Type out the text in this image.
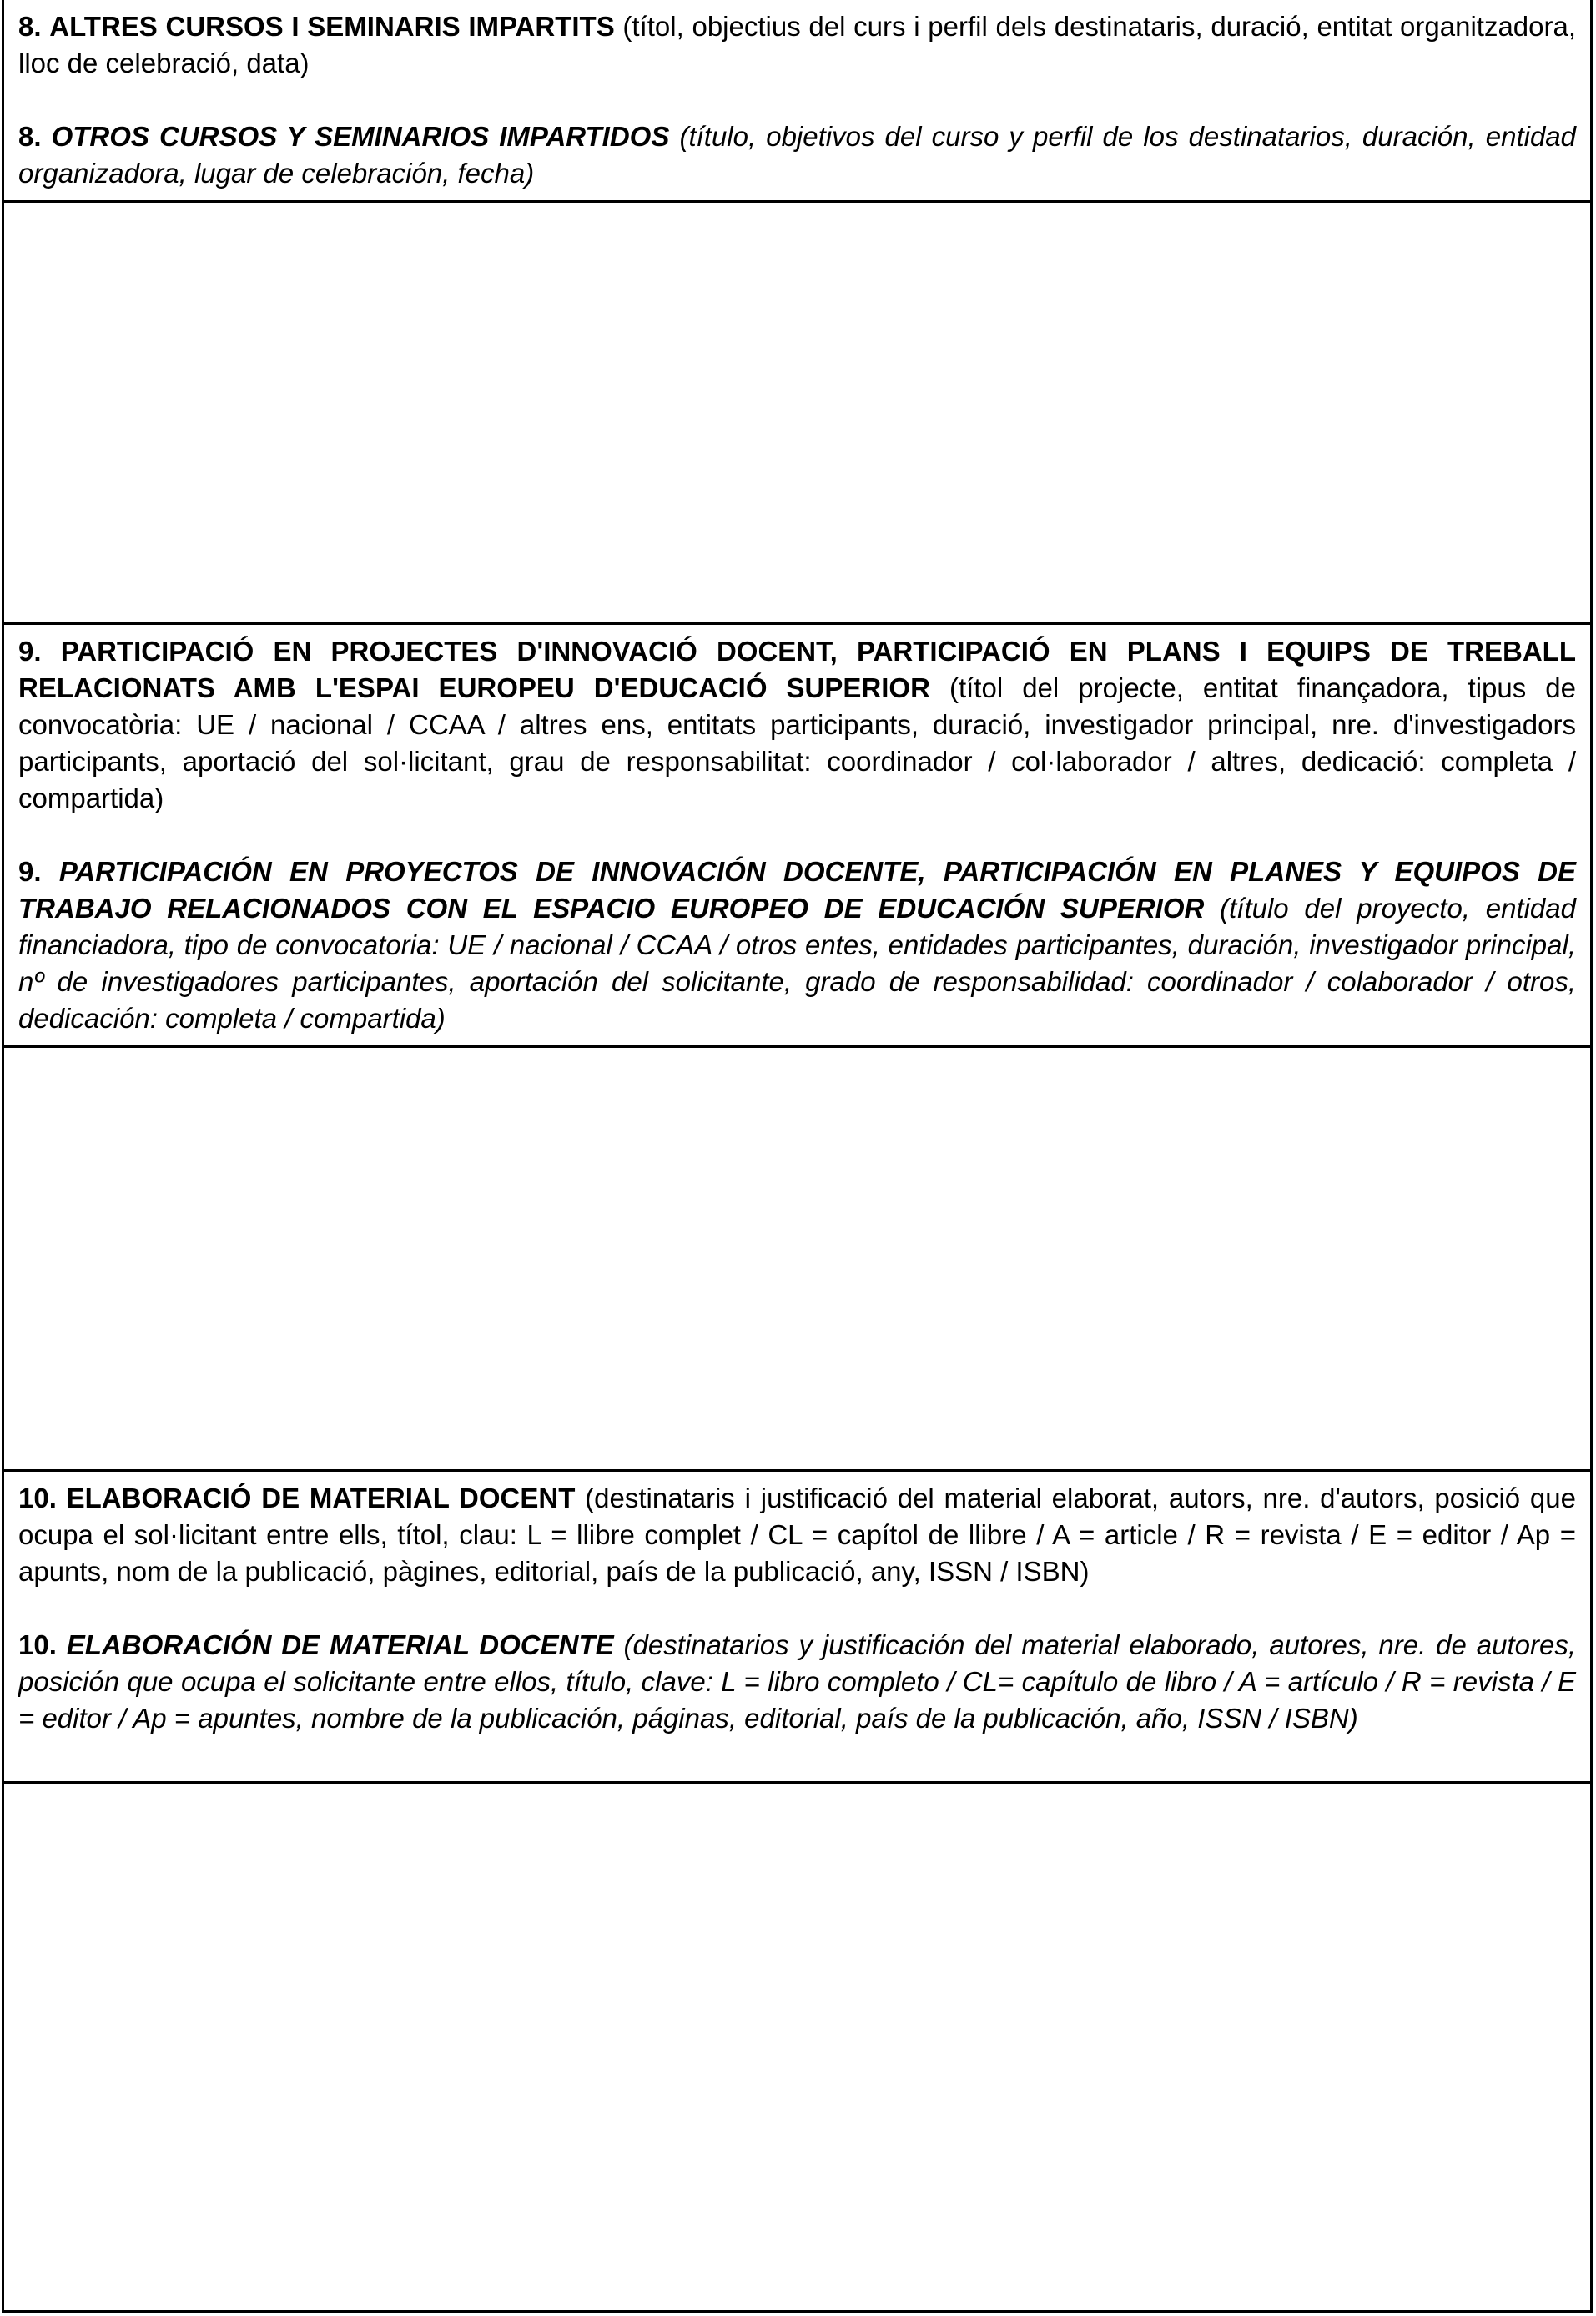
8. ALTRES CURSOS I SEMINARIS IMPARTITS (títol, objectius del curs i perfil dels destinataris, duració, entitat organitzadora, lloc de celebració, data)

8. OTROS CURSOS Y SEMINARIOS IMPARTIDOS (título, objetivos del curso y perfil de los destinatarios, duración, entidad organizadora, lugar de celebración, fecha)

9. PARTICIPACIÓ EN PROJECTES D'INNOVACIÓ DOCENT, PARTICIPACIÓ EN PLANS I EQUIPS DE TREBALL RELACIONATS AMB L'ESPAI EUROPEU D'EDUCACIÓ SUPERIOR (títol del projecte, entitat finançadora, tipus de convocatòria: UE / nacional / CCAA / altres ens, entitats participants, duració, investigador principal, nre. d'investigadors participants, aportació del sol·licitant, grau de responsabilitat: coordinador / col·laborador / altres, dedicació: completa / compartida)

9. PARTICIPACIÓN EN PROYECTOS DE INNOVACIÓN DOCENTE, PARTICIPACIÓN EN PLANES Y EQUIPOS DE TRABAJO RELACIONADOS CON EL ESPACIO EUROPEO DE EDUCACIÓN SUPERIOR (título del proyecto, entidad financiadora, tipo de convocatoria: UE / nacional / CCAA / otros entes, entidades participantes, duración, investigador principal, nº de investigadores participantes, aportación del solicitante, grado de responsabilidad: coordinador / colaborador / otros, dedicación: completa / compartida)

10. ELABORACIÓ DE MATERIAL DOCENT (destinataris i justificació del material elaborat, autors, nre. d'autors, posició que ocupa el sol·licitant entre ells, títol, clau: L = llibre complet / CL = capítol de llibre / A = article / R = revista / E = editor / Ap = apunts, nom de la publicació, pàgines, editorial, país de la publicació, any, ISSN / ISBN)

10. ELABORACIÓN DE MATERIAL DOCENTE (destinatarios y justificación del material elaborado, autores, nre. de autores, posición que ocupa el solicitante entre ellos, título, clave: L = libro completo / CL= capítulo de libro / A = artículo / R = revista / E = editor / Ap = apuntes, nombre de la publicación, páginas, editorial, país de la publicación, año, ISSN / ISBN)
